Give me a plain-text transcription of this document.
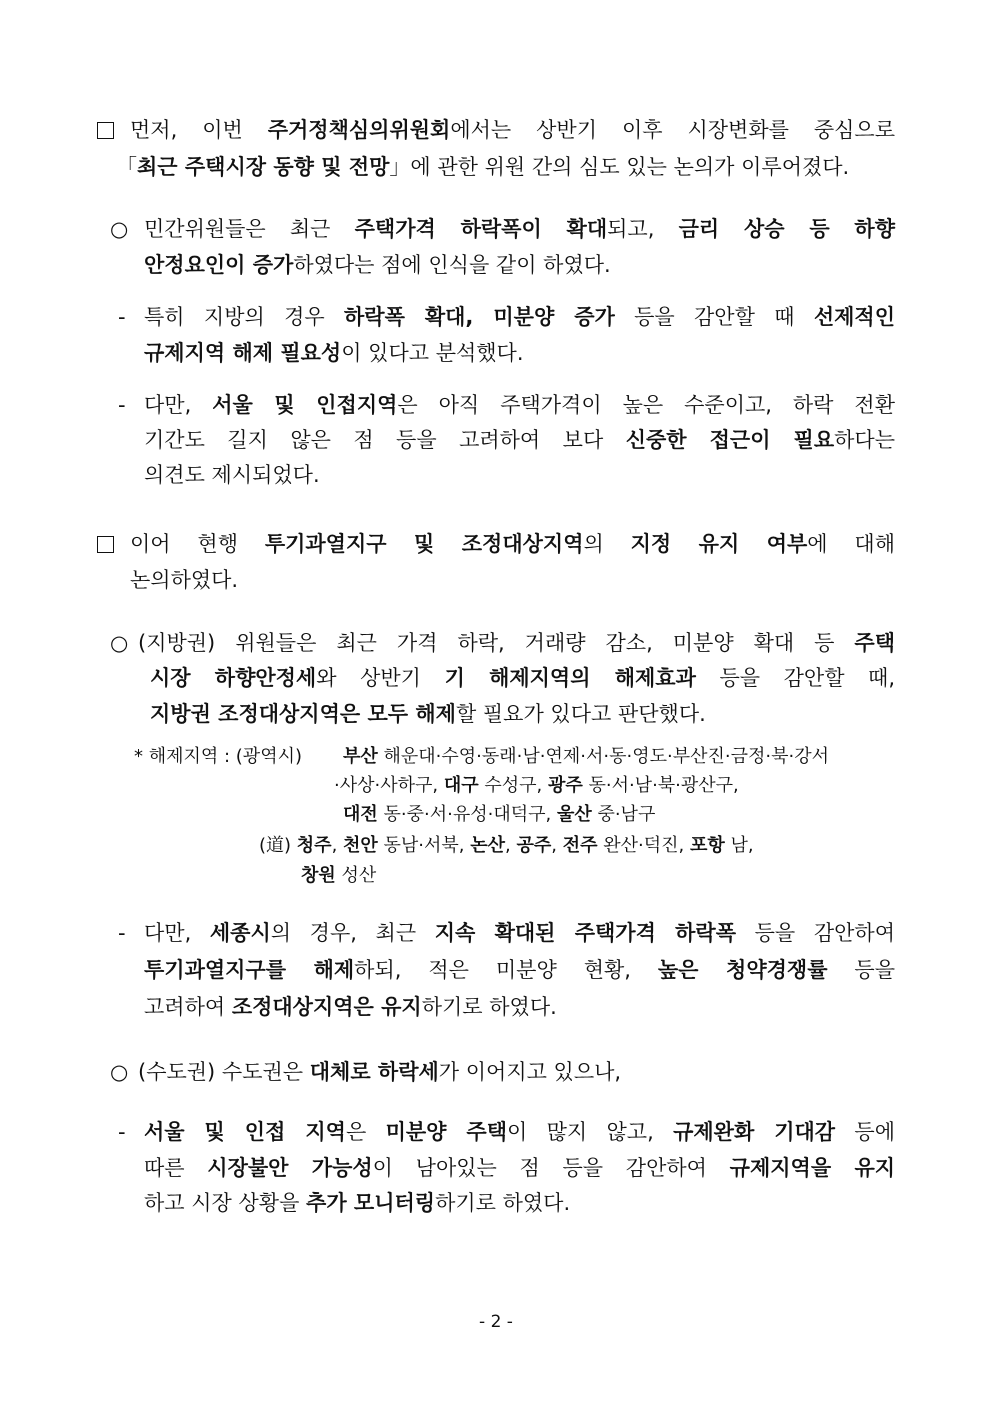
먼저, 이번 주거정책심의위원회에서는 상반기 이후 시장변화를 중심으로
「최근 주택시장 동향 및 전망」에 관한 위원 간의 심도 있는 논의가 이루어졌다.
○ 민간위원들은 최근 주택가격 하락폭이 확대되고, 금리 상승 등 하향
안정요인이 증가하였다는 점에 인식을 같이 하였다.
- 특히 지방의 경우 하락폭 확대, 미분양 증가 등을 감안할 때 선제적인
규제지역 해제 필요성이 있다고 분석했다.
- 다만, 서울 및 인접지역은 아직 주택가격이 높은 수준이고, 하락 전환
기간도 길지 않은 점 등을 고려하여 보다 신중한 접근이 필요하다는
의견도 제시되었다.
이어 현행 투기과열지구 및 조정대상지역의 지정 유지 여부에 대해
논의하였다.
○ (지방권) 위원들은 최근 가격 하락, 거래량 감소, 미분양 확대 등 주택
시장 하향안정세와 상반기 기 해제지역의 해제효과 등을 감안할 때,
지방권 조정대상지역은 모두 해제할 필요가 있다고 판단했다.
* 해제지역 : (광역시) 부산 해운대·수영·동래·남·연제·서·동·영도·부산진·금정·북·강서
·사상·사하구, 대구 수성구, 광주 동·서·남·북·광산구,
대전 동·중·서·유성·대덕구, 울산 중·남구
(道) 청주, 천안 동남·서북, 논산, 공주, 전주 완산·덕진, 포항 남,
창원 성산
- 다만, 세종시의 경우, 최근 지속 확대된 주택가격 하락폭 등을 감안하여
투기과열지구를 해제하되, 적은 미분양 현황, 높은 청약경쟁률 등을
고려하여 조정대상지역은 유지하기로 하였다.
○ (수도권) 수도권은 대체로 하락세가 이어지고 있으나,
- 서울 및 인접 지역은 미분양 주택이 많지 않고, 규제완화 기대감 등에
따른 시장불안 가능성이 남아있는 점 등을 감안하여 규제지역을 유지
하고 시장 상황을 추가 모니터링하기로 하였다.
- 2 -
